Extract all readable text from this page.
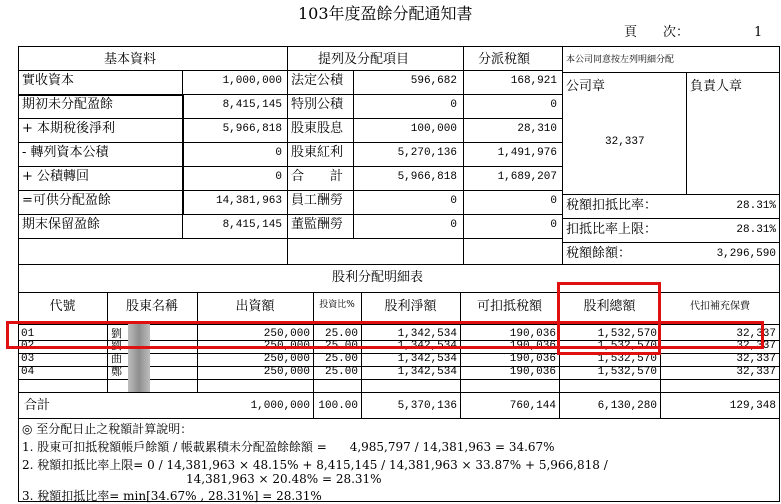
103年度盈餘分配通知書
頁　　次：	1
基本資料	提列及分配項目	分派稅額	本公司同意按左列明細分配
公司章	負責人章
32,337
實收資本	1,000,000
期初未分配盈餘	8,415,145
+ 本期稅後淨利	5,966,818
- 轉列資本公積	0
+ 公積轉回	0
=可供分配盈餘	14,381,963
期末保留盈餘	8,415,145
法定公積	596,682	168,921
特別公積	0	0
股東股息	100,000	28,310
股東紅利	5,270,136	1,491,976
合　　計	5,966,818	1,689,207
員工酬勞	0	0
董監酬勞	0	0
稅額扣抵比率：	28.31%
扣抵比率上限：	28.31%
稅額餘額：	3,296,590
股利分配明細表
代號	股東名稱	出資額	投資比%	股利淨額	可扣抵稅額	股利總額	代扣補充保費
01	劉	250,000	25.00	1,342,534	190,036	1,532,570	32,337
02	劉	250,000	25.00	1,342,534	190,036	1,532,570	32,337
03	曲	250,000	25.00	1,342,534	190,036	1,532,570	32,337
04	鄭	250,000	25.00	1,342,534	190,036	1,532,570	32,337
合計	1,000,000 100.00	5,370,136	760,144	6,130,280	129,348
◎ 至分配日止之稅額計算說明：
1. 股東可扣抵稅額帳戶餘額 / 帳載累積未分配盈餘餘額 =      4,985,797 / 14,381,963 = 34.67%
2. 稅額扣抵比率上限= 0 / 14,381,963 × 48.15% + 8,415,145 / 14,381,963 × 33.87% + 5,966,818 /
14,381,963 × 20.48% = 28.31%
3. 稅額扣抵比率= min[34.67% , 28.31%] = 28.31%
